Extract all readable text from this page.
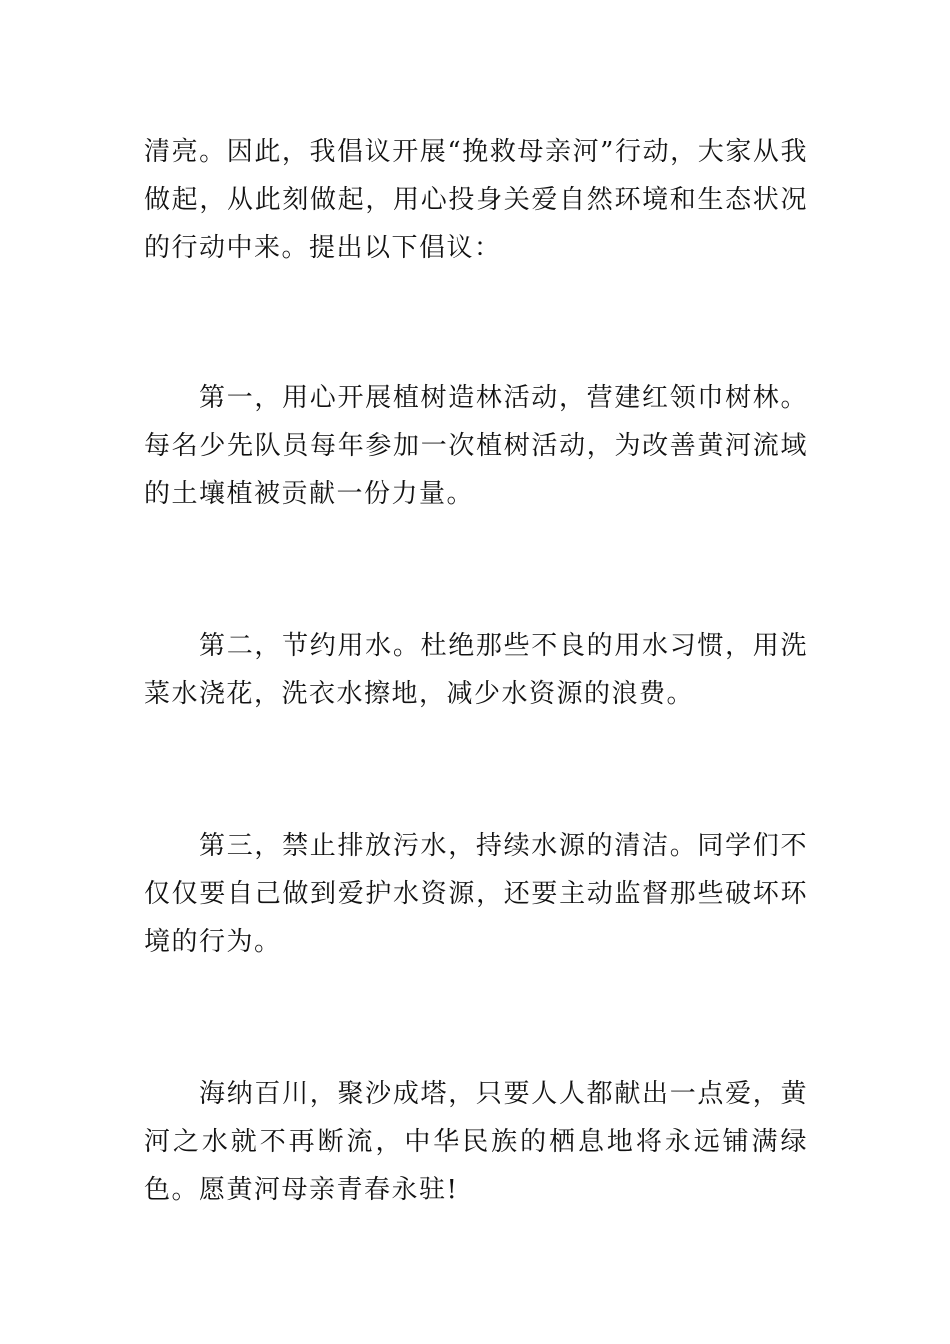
清亮。因此，我倡议开展“挽救母亲河”行动，大家从我做起，从此刻做起，用心投身关爱自然环境和生态状况的行动中来。提出以下倡议：

第一，用心开展植树造林活动，营建红领巾树林。每名少先队员每年参加一次植树活动，为改善黄河流域的土壤植被贡献一份力量。

第二，节约用水。杜绝那些不良的用水习惯，用洗菜水浇花，洗衣水擦地，减少水资源的浪费。

第三，禁止排放污水，持续水源的清洁。同学们不仅仅要自己做到爱护水资源，还要主动监督那些破坏环境的行为。

海纳百川，聚沙成塔，只要人人都献出一点爱，黄河之水就不再断流，中华民族的栖息地将永远铺满绿色。愿黄河母亲青春永驻!
